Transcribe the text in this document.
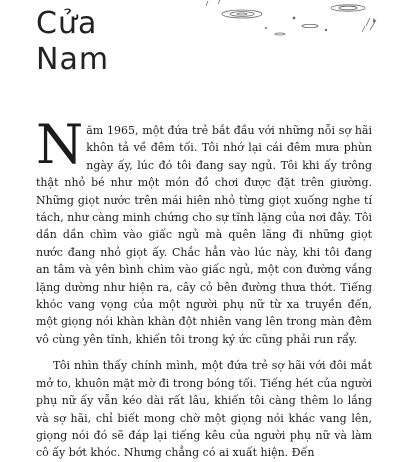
Cửa
Nam

Năm 1965, một đứa trẻ bắt đầu với những nỗi sợ hãi khôn tả về đêm tối. Tôi nhớ lại cái đêm mưa phùn ngày ấy, lúc đó tôi đang say ngủ. Tôi khi ấy trông thật nhỏ bé như một món đồ chơi được đặt trên giường. Những giọt nước trên mái hiên nhỏ từng giọt xuống nghe tí tách, như càng minh chứng cho sự tĩnh lặng của nơi đây. Tôi dần dần chìm vào giấc ngủ mà quên lãng đi những giọt nước đang nhỏ giọt ấy. Chắc hẳn vào lúc này, khi tôi đang an tâm và yên bình chìm vào giấc ngủ, một con đường vắng lặng dường như hiện ra, cây cỏ bên đường thưa thớt. Tiếng khóc vang vọng của một người phụ nữ từ xa truyền đến, một giọng nói khàn khàn đột nhiên vang lên trong màn đêm vô cùng yên tĩnh, khiến tôi trong ký ức cũng phải run rẩy.

Tôi nhìn thấy chính mình, một đứa trẻ sợ hãi với đôi mắt mở to, khuôn mặt mờ đi trong bóng tối. Tiếng hét của người phụ nữ ấy vẫn kéo dài rất lâu, khiến tôi càng thêm lo lắng và sợ hãi, chỉ biết mong chờ một giọng nói khác vang lên, giọng nói đó sẽ đáp lại tiếng kêu của người phụ nữ và làm cô ấy bớt khóc. Nhưng chẳng có ai xuất hiện. Đến
